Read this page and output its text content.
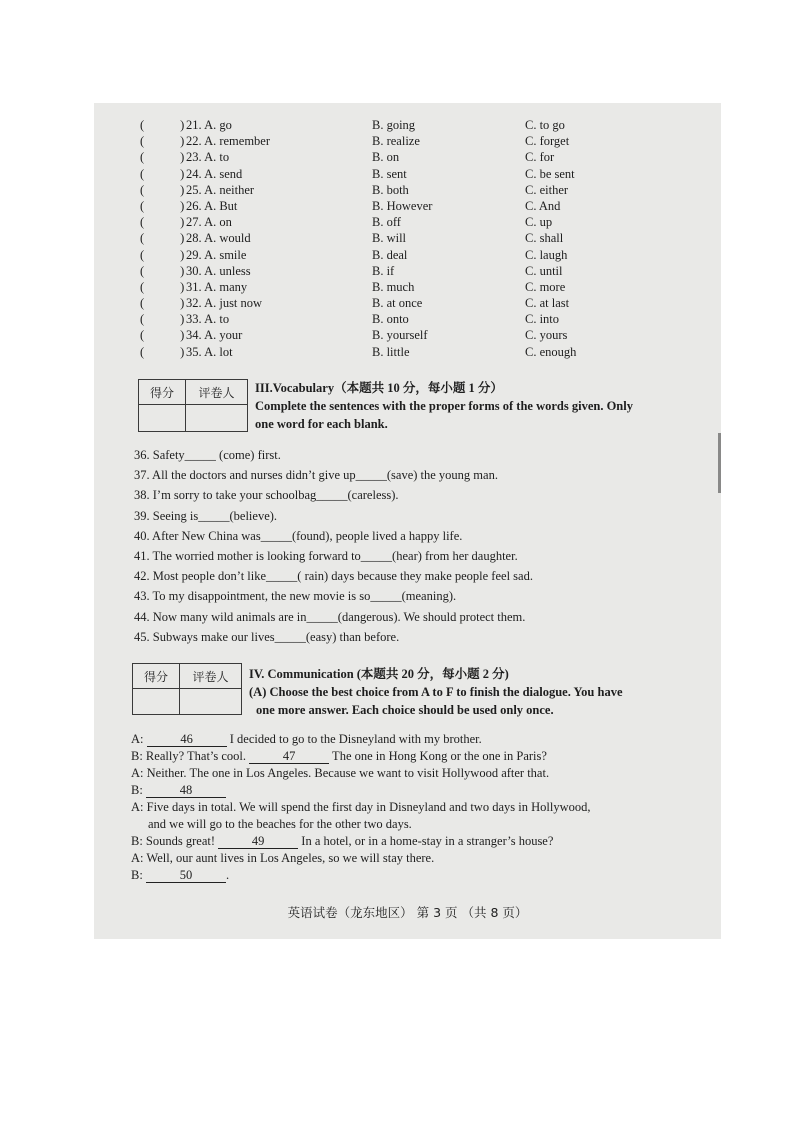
(	) 21. A. go	B. going	C. to go
(	) 22. A. remember	B. realize	C. forget
(	) 23. A. to	B. on	C. for
(	) 24. A. send	B. sent	C. be sent
(	) 25. A. neither	B. both	C. either
(	) 26. A. But	B. However	C. And
(	) 27. A. on	B. off	C. up
(	) 28. A. would	B. will	C. shall
(	) 29. A. smile	B. deal	C. laugh
(	) 30. A. unless	B. if	C. until
(	) 31. A. many	B. much	C. more
(	) 32. A. just now	B. at once	C. at last
(	) 33. A. to	B. onto	C. into
(	) 34. A. your	B. yourself	C. yours
(	) 35. A. lot	B. little	C. enough
得分	评卷人
	III.Vocabulary（本题共 10 分，每小题 1 分）
Complete the sentences with the proper forms of the words given. Only
one word for each blank.
36. Safety_____ (come) first.
37. All the doctors and nurses didn’t give up_____(save) the young man.
38. I’m sorry to take your schoolbag_____(careless).
39. Seeing is_____(believe).
40. After New China was_____(found), people lived a happy life.
41. The worried mother is looking forward to_____(hear) from her daughter.
42. Most people don’t like_____( rain) days because they make people feel sad.
43. To my disappointment, the new movie is so_____(meaning).
44. Now many wild animals are in_____(dangerous). We should protect them.
45. Subways make our lives_____(easy) than before.
得分	评卷人
	IV. Communication (本题共 20 分，每小题 2 分)
(A) Choose the best choice from A to F to finish the dialogue. You have
one more answer. Each choice should be used only once.
A:	46	I decided to go to the Disneyland with my brother.
B: Really? That’s cool.	47	The one in Hong Kong or the one in Paris?
A: Neither. The one in Los Angeles. Because we want to visit Hollywood after that.
B:	48
A: Five days in total. We will spend the first day in Disneyland and two days in Hollywood,
and we will go to the beaches for the other two days.
B: Sounds great!	49	In a hotel, or in a home-stay in a stranger’s house?
A: Well, our aunt lives in Los Angeles, so we will stay there.
B:	50	.
英语试卷（龙东地区） 第 3 页 （共 8 页）
